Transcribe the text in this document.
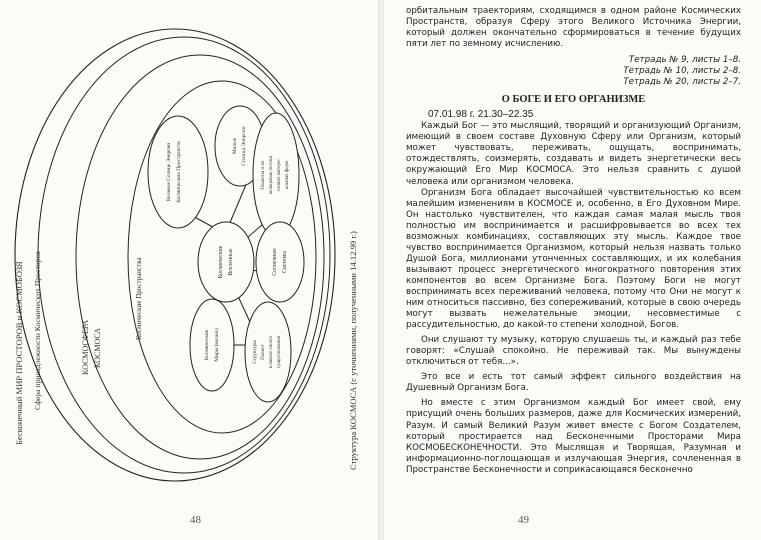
Бесконечный МИР ПРОСТОРОВ и КОСМОБОЗЯ Сфера принадлежности Космических Просторов	КОСМОСФЕРА КОСМОСА
Космические Пространства
Великое Солнце Энергии Космических Пространств	Малые Солнца Энергии
Планеты и их кольцевые потоки тонких матери- альных форм
Космические Вселенные	Солнечные Системы
Космические Миры (малые)	Структуры Планет в начале своего существования	Структура КОСМОСА (с уточнениями, полученными 14.12.99 г.)
48

орбитальным траекториям, сходящимся в одном районе Космических Пространств, образуя Сферу этого Великого Источника Энергии, который должен окончательно сформироваться в течение будущих пяти лет по земному исчислению.

Тетрадь № 9, листы 1–8.
Тетрадь № 10, листы 2–8.
Тетрадь № 20, листы 2–7.
О БОГЕ И ЕГО ОРГАНИЗМЕ
07.01.98 г. 21.30–22.35

Каждый Бог — это мыслящий, творящий и организующий Организм, имеющий в своем составе Духовную Сферу или Организм, который может чувствовать, переживать, ощущать, воспринимать, отождествлять, соизмерять, создавать и видеть энергетически весь окружающий Его Мир КОСМОСА. Это нельзя сравнить с душой человека или организмом человека.

Организм Бога обладает высочайшей чувствительностью ко всем малейшим изменениям в КОСМОСЕ и, особенно, в Его Духовном Мире. Он настолько чувствителен, что каждая самая малая мысль твоя полностью им воспринимается и расшифровывается во всех тех возможных комбинациях, составляющих эту мысль. Каждое твое чувство воспринимается Организмом, который нельзя назвать только Душой Бога, миллионами утонченных составляющих, и их колебания вызывают процесс энергетического многократного повторения этих компонентов во всем Организме Бога. Поэтому Боги не могут воспринимать всех переживаний человека, потому что Они не могут к ним относиться пассивно, без сопереживаний, которые в свою очередь могут вызвать нежелательные эмоции, несовместимые с рассудительностью, до какой-то степени холодной, Богов.

Они слушают ту музыку, которую слушаешь ты, и каждый раз тебе говорят: «Слушай спокойно. Не переживай так. Мы вынуждены отключиться от тебя...».

Это все и есть тот самый эффект сильного воздействия на Душевный Организм Бога.

Но вместе с этим Организмом каждый Бог имеет свой, ему присущий очень больших размеров, даже для Космических измерений, Разум. И самый Великий Разум живет вместе с Богом Создателем, который простирается над Бесконечными Просторами Мира КОСМОБЕСКОНЕЧНОСТИ. Это Мыслящая и Творящая, Разумная и информационно-поглощающая и излучающая Энергия, сочлененная в Пространстве Бесконечности и соприкасающаяся бесконечно

49
